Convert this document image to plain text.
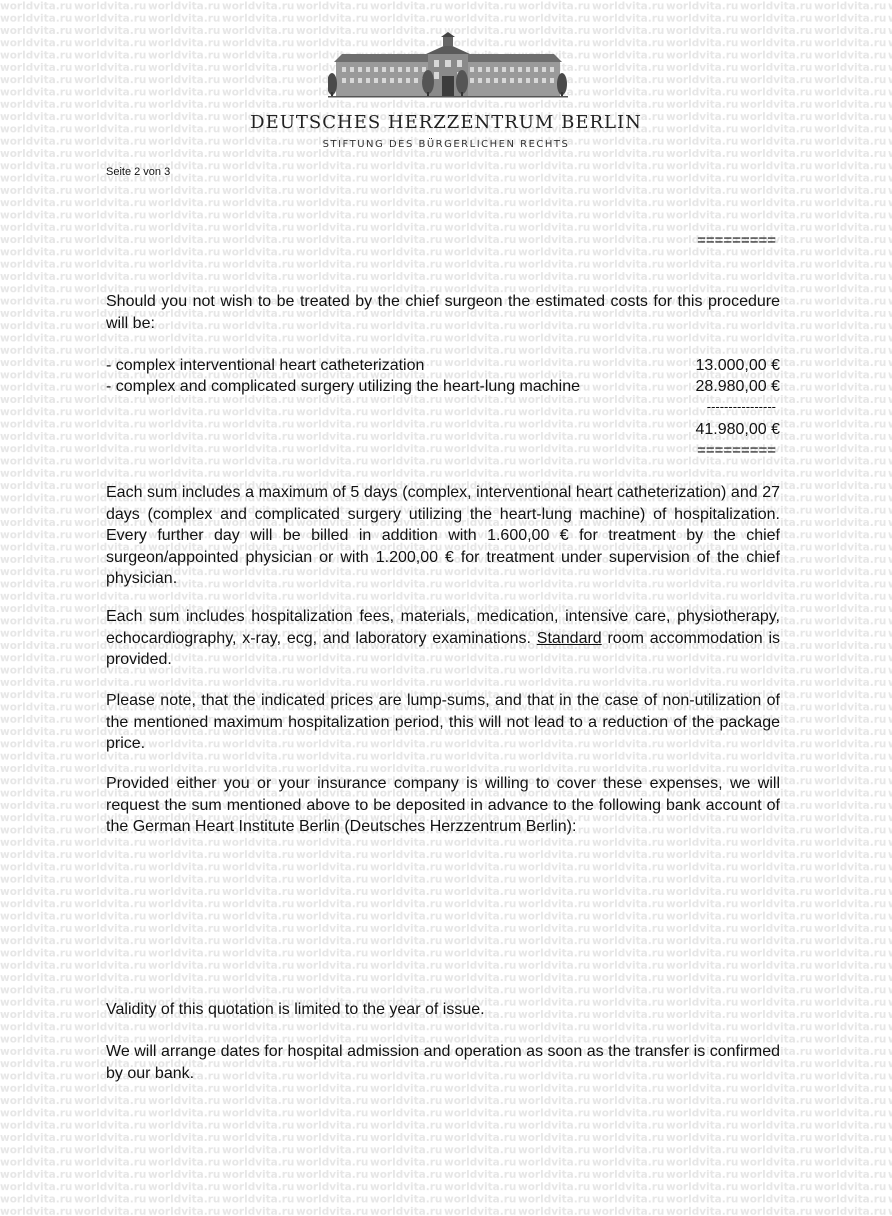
DEUTSCHES HERZZENTRUM BERLIN
STIFTUNG DES BÜRGERLICHEN RECHTS
Seite 2 von 3
=========

Should you not wish to be treated by the chief surgeon the estimated costs for this procedure will be:

- complex interventional heart catheterization	13.000,00 €
- complex and complicated surgery utilizing the heart-lung machine	28.980,00 €
----------------
41.980,00 €
=========

Each sum includes a maximum of 5 days (complex, interventional heart catheterization) and 27 days (complex and complicated surgery utilizing the heart-lung machine) of hospitalization. Every further day will be billed in addition with 1.600,00 € for treatment by the chief surgeon/appointed physician or with 1.200,00 € for treatment under supervision of the chief physician.

Each sum includes hospitalization fees, materials, medication, intensive care, physiotherapy, echocardiography, x-ray, ecg, and laboratory examinations. Standard room accommodation is provided.

Please note, that the indicated prices are lump-sums, and that in the case of non-utilization of the mentioned maximum hospitalization period, this will not lead to a reduction of the package price.

Provided either you or your insurance company is willing to cover these expenses, we will request the sum mentioned above to be deposited in advance to the following bank account of the German Heart Institute Berlin (Deutsches Herzzentrum Berlin):

Validity of this quotation is limited to the year of issue.

We will arrange dates for hospital admission and operation as soon as the transfer is confirmed by our bank.
